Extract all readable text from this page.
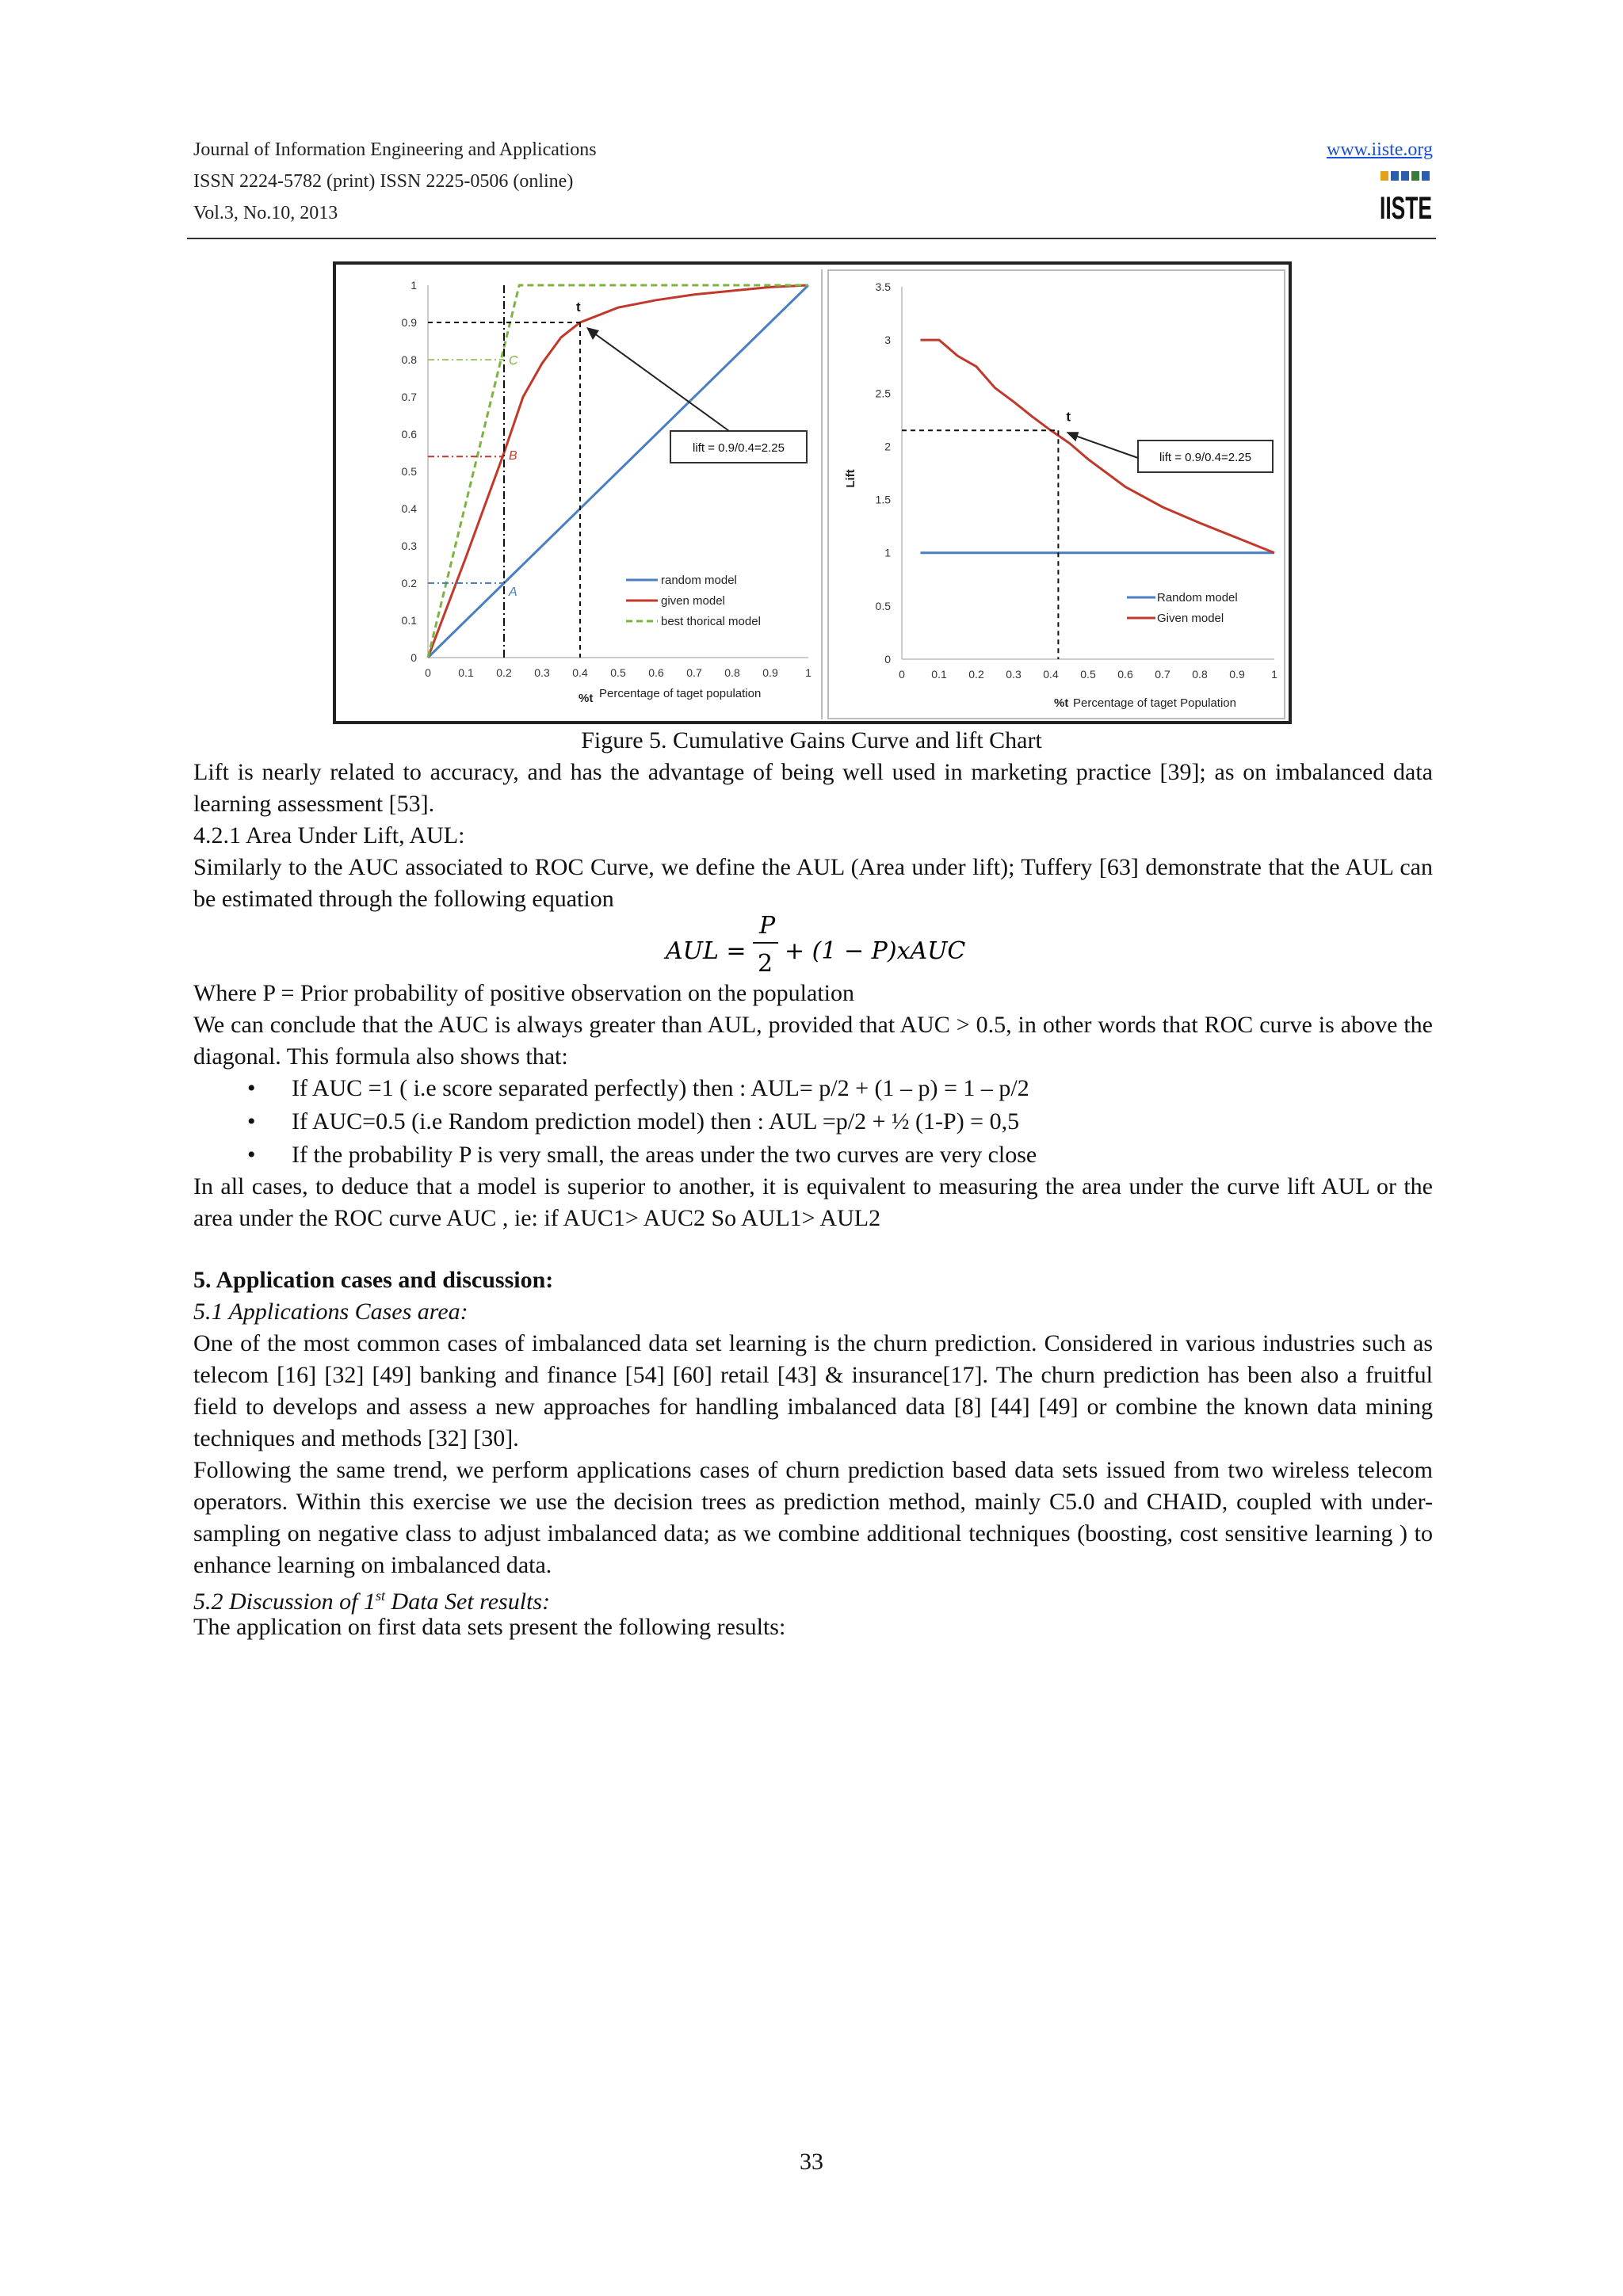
Journal of Information Engineering and Applications
ISSN 2224-5782 (print) ISSN 2225-0506 (online)
Vol.3, No.10, 2013
www.iiste.org
IISTE
0 0.1 0.2 0.3 0.4 0.5 0.6 0.7 0.8 0.9 1
0
0.1
0.2
0.3
0.4
0.5
0.6
0.7
0.8
0.9
1
t
C
B
A
lift = 0.9/0.4=2.25
random model
given model
best thorical model
%t Percentage of taget population
0 0.1 0.2 0.3 0.4 0.5 0.6 0.7 0.8 0.9 1
0
0.5
1
1.5
2
2.5
3
3.5
t
lift = 0.9/0.4=2.25
Lift
Random model
Given model
%t Percentage of taget Population
Figure 5. Cumulative Gains Curve and lift Chart
Lift is nearly related to accuracy, and has the advantage of being well used in marketing practice [39]; as on imbalanced data learning assessment [53].
4.2.1 Area Under Lift, AUL:
Similarly to the AUC associated to ROC Curve, we define the AUL (Area under lift); Tuffery [63] demonstrate that the AUL can be estimated through the following equation
AUL =
P
2 + (1 − P)xAUC
Where P = Prior probability of positive observation on the population
We can conclude that the AUC is always greater than AUL, provided that AUC > 0.5, in other words that ROC curve is above the diagonal. This formula also shows that:
• If AUC =1 ( i.e score separated perfectly) then : AUL= p/2 + (1 – p) = 1 – p/2
• If AUC=0.5 (i.e Random prediction model) then : AUL =p/2 + ½ (1-P) = 0,5
• If the probability P is very small, the areas under the two curves are very close
In all cases, to deduce that a model is superior to another, it is equivalent to measuring the area under the curve lift AUL or the area under the ROC curve AUC , ie: if AUC1> AUC2 So AUL1> AUL2
5. Application cases and discussion:
5.1 Applications Cases area:
One of the most common cases of imbalanced data set learning is the churn prediction. Considered in various industries such as telecom [16] [32] [49] banking and finance [54] [60] retail [43] & insurance[17]. The churn prediction has been also a fruitful field to develops and assess a new approaches for handling imbalanced data [8] [44] [49] or combine the known data mining techniques and methods [32] [30].
Following the same trend, we perform applications cases of churn prediction based data sets issued from two wireless telecom operators. Within this exercise we use the decision trees as prediction method, mainly C5.0 and CHAID, coupled with under-sampling on negative class to adjust imbalanced data; as we combine additional techniques (boosting, cost sensitive learning ) to enhance learning on imbalanced data.
5.2 Discussion of 1st Data Set results:
The application on first data sets present the following results:
33
